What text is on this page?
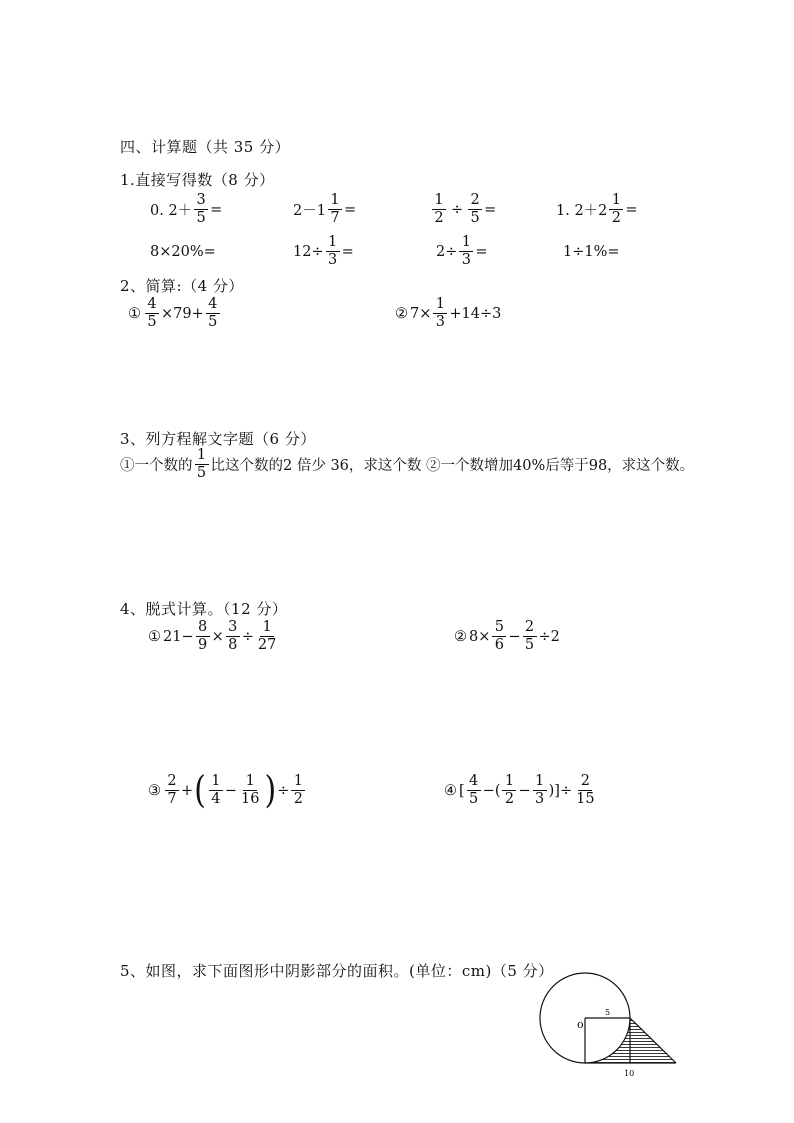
四、计算题（共 35 分）
1.直接写得数（8 分）
0. $2+ \frac{3}{5}$ =	$2-1 \frac{1}{7}$ =	$\frac{1}{2} \div \frac{2}{5}$ =	1. $2+2 \frac{1}{2}$ =
8×20%=	$12\div \frac{1}{3}$ =	$2\div \frac{1}{3}$ =	1÷1%=
2、简算:（4 分）
① $\frac{4}{5} \times 79+ \frac{4}{5}$	② $7\times \frac{1}{3} +14\div 3$
3、列方程解文字题（6 分）
①一个数的 $\frac{1}{5}$ 比这个数的2 倍少 36，求这个数 ②一个数增加40%后等于98，求这个数。
4、脱式计算。（12 分）
① $21- \frac{8}{9} \times \frac{3}{8} \div \frac{1}{27}$	② $8\times \frac{5}{6} - \frac{2}{5} \div 2$
③ $\frac{2}{7}$ + ( $\frac{1}{4} - \frac{1}{16}$ ) ÷ $\frac{1}{2}$	④ [ $\frac{4}{5}$ −( $\frac{1}{2} - \frac{1}{3}$ )]÷ $\frac{2}{15}$
5、如图，求下面图形中阴影部分的面积。(单位：cm)（5 分）
5
o
10
